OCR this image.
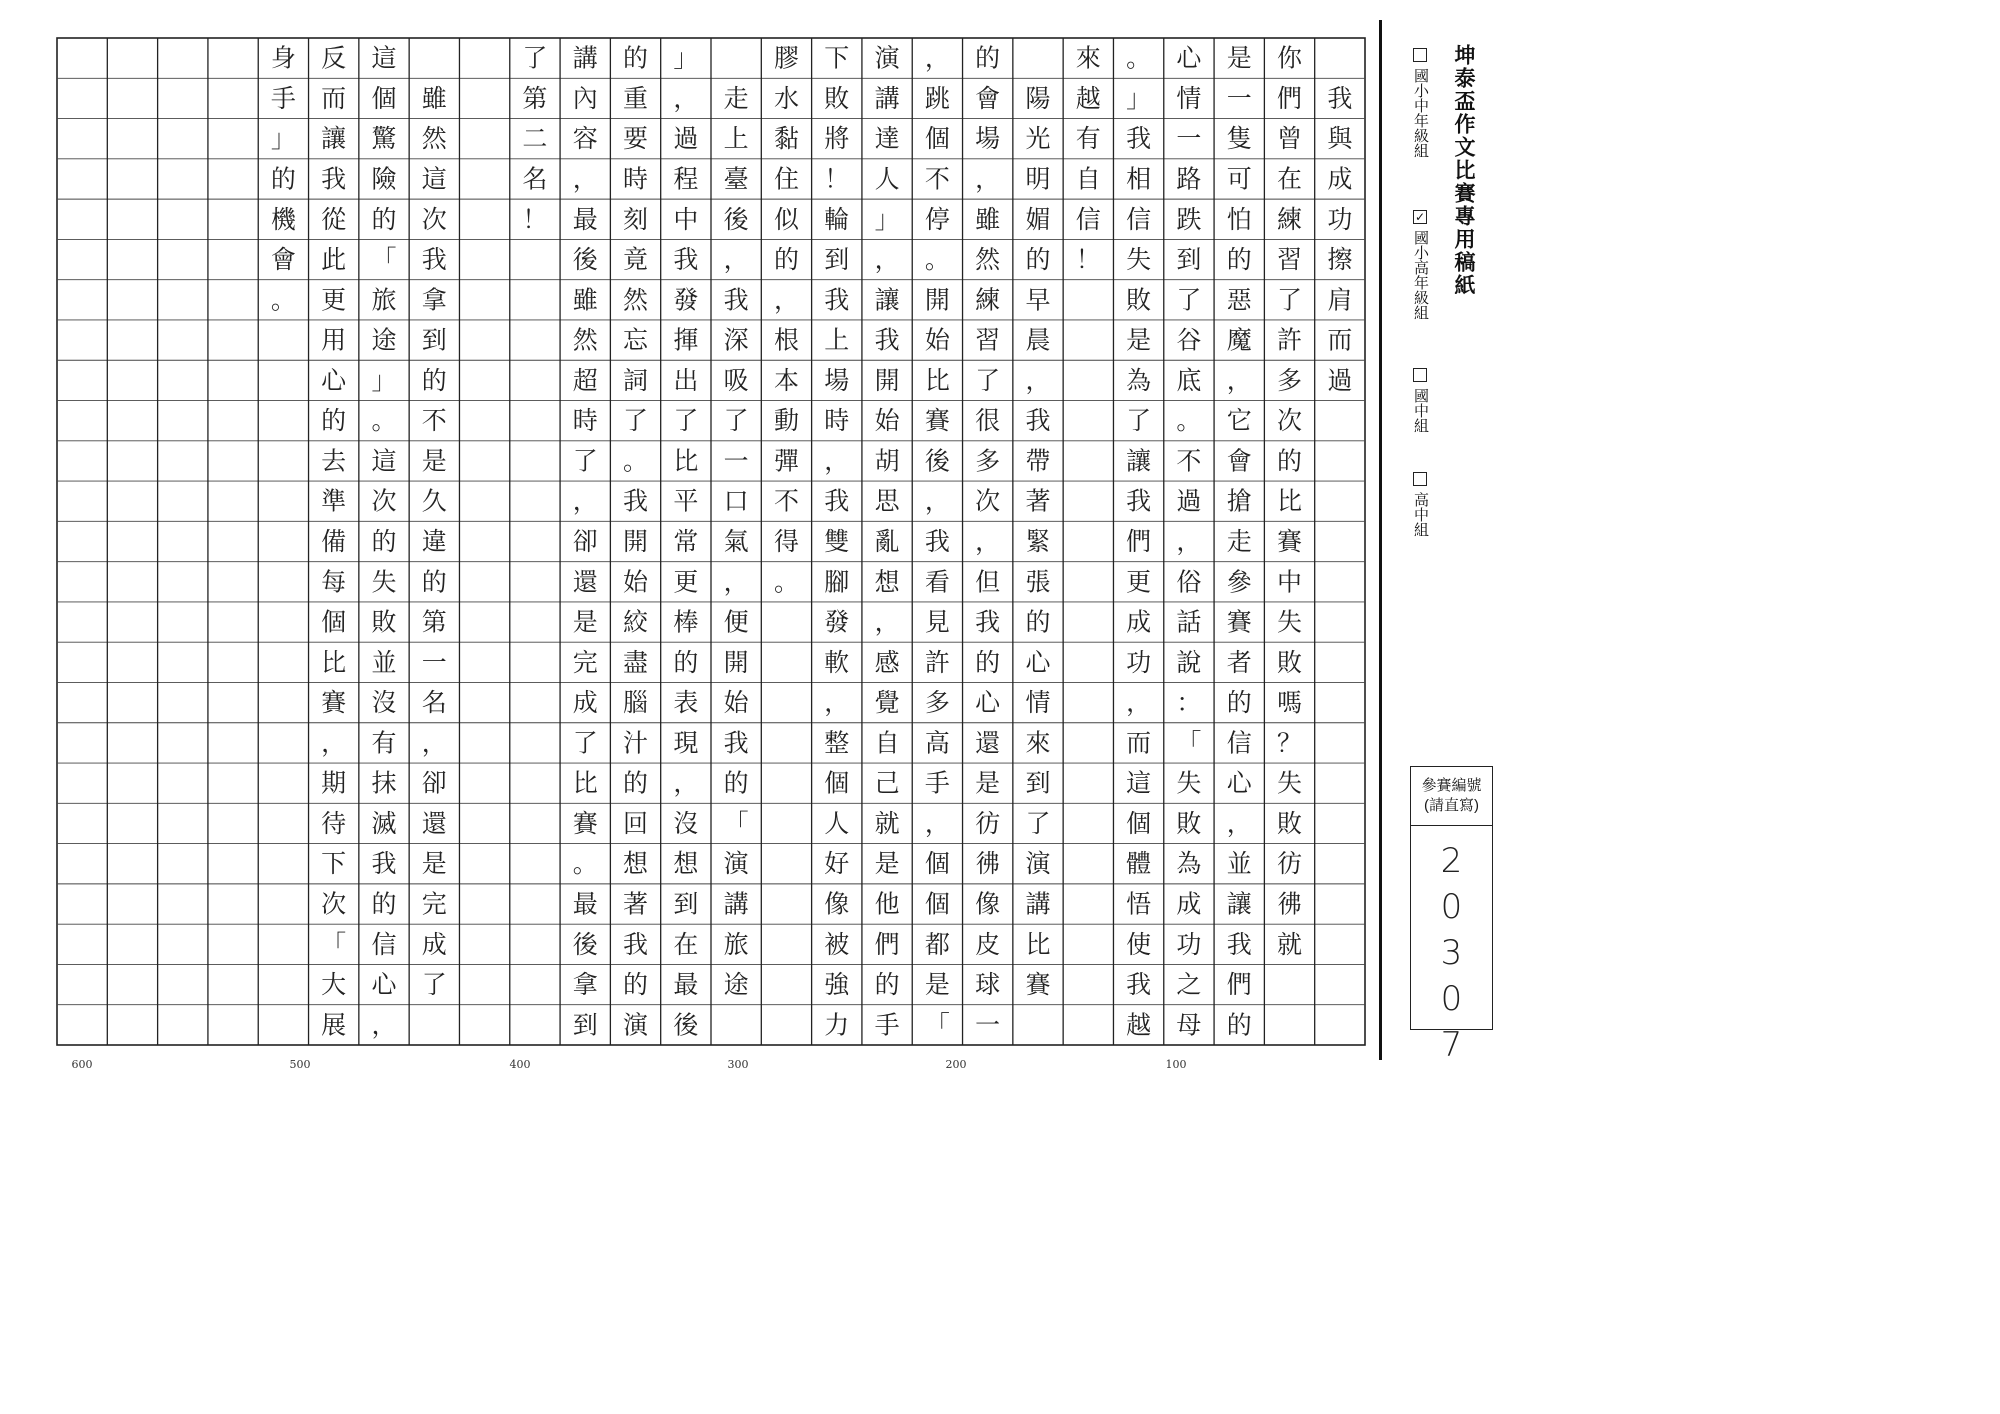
我
與
成
功
擦
肩
而
過
你
們
曾
在
練
習
了
許
多
次
的
比
賽
中
失
敗
嗎
？
失
敗
彷
彿
就
是
一
隻
可
怕
的
惡
魔
，
它
會
搶
走
參
賽
者
的
信
心
，
並
讓
我
們
的
心
情
一
路
跌
到
了
谷
底
。
不
過
，
俗
話
說
：
「
失
敗
為
成
功
之
母
。
」
我
相
信
失
敗
是
為
了
讓
我
們
更
成
功
，
而
這
個
體
悟
使
我
越
來
越
有
自
信
！

陽
光
明
媚
的
早
晨
，
我
帶
著
緊
張
的
心
情
來
到
了
演
講
比
賽
的
會
場
，
雖
然
練
習
了
很
多
次
，
但
我
的
心
還
是
彷
彿
像
皮
球
一
，
跳
個
不
停
。
開
始
比
賽
後
，
我
看
見
許
多
高
手
，
個
個
都
是
「
演
講
達
人
」
，
讓
我
開
始
胡
思
亂
想
，
感
覺
自
己
就
是
他
們
的
手
下
敗
將
！
輪
到
我
上
場
時
，
我
雙
腳
發
軟
，
整
個
人
好
像
被
強
力
膠
水
黏
住
似
的
，
根
本
動
彈
不
得
。

走
上
臺
後
，
我
深
吸
了
一
口
氣
，
便
開
始
我
的
「
演
講
旅
途
」
，
過
程
中
我
發
揮
出
了
比
平
常
更
棒
的
表
現
，
沒
想
到
在
最
後
的
重
要
時
刻
竟
然
忘
詞
了
。
我
開
始
絞
盡
腦
汁
的
回
想
著
我
的
演
講
內
容
，
最
後
雖
然
超
時
了
，
卻
還
是
完
成
了
比
賽
。
最
後
拿
到
了
第
二
名
！

雖
然
這
次
我
拿
到
的
不
是
久
違
的
第
一
名
，
卻
還
是
完
成
了
這
個
驚
險
的
「
旅
途
」
。
這
次
的
失
敗
並
沒
有
抹
滅
我
的
信
心
，
反
而
讓
我
從
此
更
用
心
的
去
準
備
每
個
比
賽
，
期
待
下
次
「
大
展
身
手
」
的
機
會
。
100
200
300
400
500
600
坤泰盃作文比賽專用稿紙
國小中年級組
✓國小高年級組
國中組
高中組
參賽編號
(請直寫)
2
0
3
0
7
